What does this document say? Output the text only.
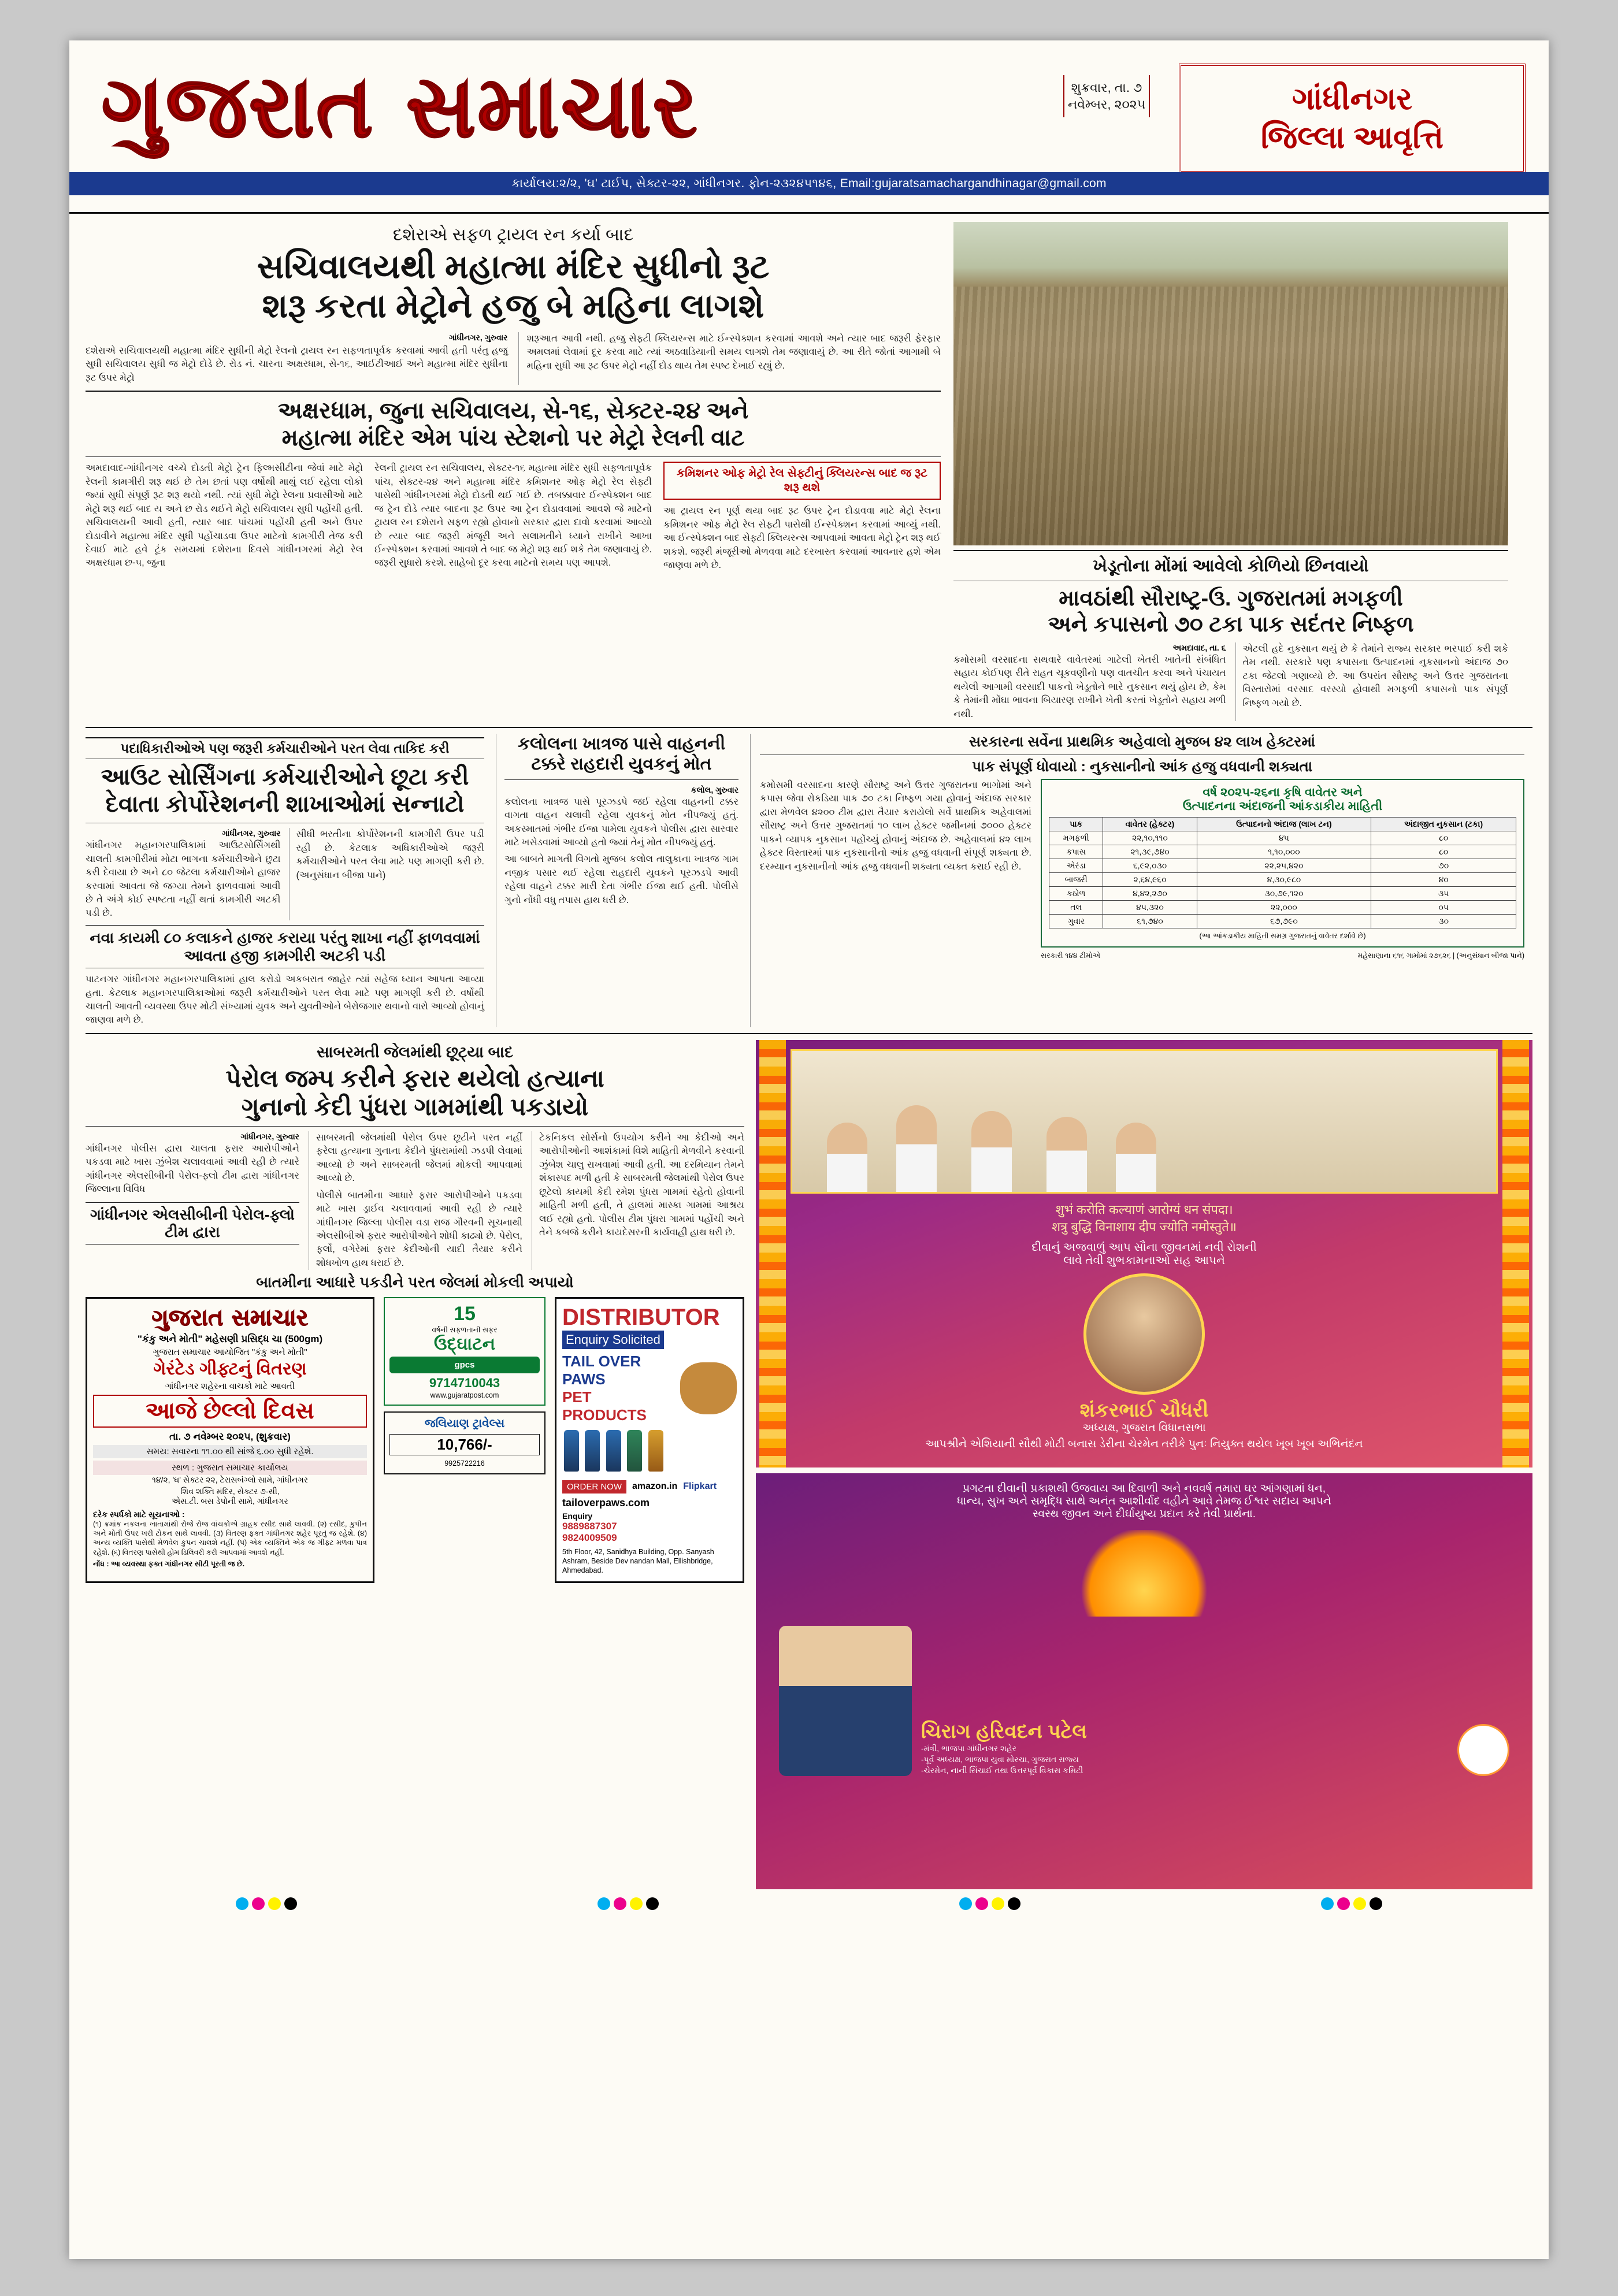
ગુજરાત સમાચાર	શુક્રવાર, તા. ૭ નવેમ્બર, ૨૦૨૫	ગાંધીનગર
જિલ્લા આવૃત્તિ
કાર્યાલય:૨/૨, 'ઘ' ટાઈપ, સેક્ટર-૨૨, ગાંધીનગર. ફોન-૨૩૨૪૫૧૪૬, Email:gujaratsamachargandhinagar@gmail.com
દશેરાએ સફળ ટ્રાયલ રન કર્યા બાદ
સચિવાલયથી મહાત્મા મંદિર સુધીનો રૂટ
શરૂ કરતા મેટ્રોને હજુ બે મહિના લાગશે
ગાંધીનગર, ગુરુવાર
દશેરાએ સચિવાલયથી મહાત્મા મંદિર સુધીની મેટ્રો રેલનો ટ્રાયલ રન સફળતાપૂર્વક કરવામાં આવી હતી પરંતુ હજુ સુધી સચિવાલય સુધી જ મેટ્રો દોડે છે. રોડ નં. ચારના અક્ષરધામ, સે-૧૬, આઈટીઆઈ અને મહાત્મા મંદિર સુધીના રૂટ ઉપર મેટ્રો
શરૂઆત આવી નથી. હજુ સેફ્ટી ક્લિયરન્સ માટે ઈન્સ્પેક્શન કરવામાં આવશે અને ત્યાર બાદ જરૂરી ફેરફાર અમલમાં લેવામાં દૂર કરવા માટે ત્યાં અઠવાડિયાની સમય લાગશે તેમ જણાવાયું છે. આ રીતે જોતાં આગામી બે મહિના સુધી આ રૂટ ઉપર મેટ્રો નહીં દોડ થાય તેમ સ્પષ્ટ દેખાઈ રહ્યું છે.
અક્ષરધામ, જુના સચિવાલય, સે-૧૬, સેક્ટર-૨૪ અને
મહાત્મા મંદિર એમ પાંચ સ્ટેશનો પર મેટ્રો રેલની વાટ
અમદાવાદ-ગાંધીનગર વચ્ચે દોડતી મેટ્રો ટ્રેન ફિલ્મસીટીના જેવાં માટે મેટ્રો રેલની કામગીરી શરૂ થઈ છે તેમ છતાં પણ વર્ષોથી માથું લઈ રહેલા લોકો જ્યાં સુધી સંપૂર્ણ રૂટ શરૂ થયો નથી. ત્યાં સુધી મેટ્રો રેલના પ્રવાસીઓ માટે મેટ્રો શરૂ થઈ બાદ ય અને છ રોડ થઈને મેટ્રો સચિવાલય સુધી પહોંચી હતી. સચિવાલયની આવી હતી, ત્યાર બાદ પાંચમાં પહોંચી હતી અને ઉપર દોડાવીને મહાત્મા મંદિર સુધી પહોંચાડવા ઉપર માટેનો કામગીરી તેજ કરી દેવાઈ માટે હવે ટૂંક સમયમાં દશેરાના દિવસે ગાંધીનગરમાં મેટ્રો રેલ અક્ષરધામ છ-૫, જુના
રેલની ટ્રાયલ રન સચિવાલય, સેક્ટર-૧૬ મહાત્મા મંદિર સુધી સફળતાપૂર્વક પાંચ, સેક્ટર-૨૪ અને મહાત્મા મંદિર કમિશનર ઓફ મેટ્રો રેલ સેફ્ટી પાસેથી ગાંધીનગરમાં મેટ્રો દોડતી થઈ ગઈ છે. તબક્કાવાર ઈન્સ્પેક્શન બાદ જ ટ્રેન દોડે ત્યાર બાદના રૂટ ઉપર આ ટ્રેન દોડાવવામાં આવશે જે માટેનો ટ્રાયલ રન દશેરાને સફળ રહ્યો હોવાનો સરકાર દ્વારા દાવો કરવામાં આવ્યો છે ત્યાર બાદ જરૂરી મંજૂરી અને સલામતીને ધ્યાને રાખીને આખા ઈન્સ્પેક્શન કરવામાં આવશે તે બાદ જ મેટ્રો શરૂ થઈ શકે તેમ જણાવાયું છે. જરૂરી સુધારો કરશે. સાહેબો દૂર કરવા માટેનો સમય પણ આપશે.
કમિશનર ઓફ મેટ્રો રેલ સેફ્ટીનું ક્લિયરન્સ બાદ જ રૂટ શરૂ થશે
આ ટ્રાયલ રન પૂર્ણ થયા બાદ રૂટ ઉપર ટ્રેન દોડાવવા માટે મેટ્રો રેલના કમિશનર ઓફ મેટ્રો રેલ સેફ્ટી પાસેથી ઈન્સ્પેક્શન કરવામાં આવ્યું નથી. આ ઈન્સ્પેક્શન બાદ સેફ્ટી ક્લિયરન્સ આપવામાં આવતા મેટ્રો ટ્રેન શરૂ થઈ શકશે. જરૂરી મંજૂરીઓ મેળવવા માટે દરખાસ્ત કરવામાં આવનાર હશે એમ જાણવા મળે છે.	ખેડૂતોના મોંમાં આવેલો કોળિયો છિનવાયો
માવઠાંથી સૌરાષ્ટ્ર-ઉ. ગુજરાતમાં મગફળી
અને કપાસનો ૭૦ ટકા પાક સદંતર નિષ્ફળ
અમદાવાદ, તા. ૬
કમોસમી વરસાદના સથવારે વાવેતરમાં ગાટેલી ખેતરી ખાતેની સંબંધિત સહાય કોઈપણ રીતે રાહત ચૂકવણીનો પણ વાતચીત કરવા અને પંચાયત થયેલી આગામી વરસાદી પાકનો ખેડૂતોને ભારે નુકસાન થયું હોય છે, કેમ કે તેમાંની મોંઘા ભાવના બિયારણ રાખીને ખેતી કરતાં ખેડૂતોને સહાય મળી નથી.
એટલી હદે નુકસાન થયું છે કે તેમાંને રાજ્ય સરકાર ભરપાઈ કરી શકે તેમ નથી. સરકારે પણ કપાસના ઉત્પાદનમાં નુકસાનનો અંદાજ ૭૦ ટકા જેટલો ગણાવ્યો છે. આ ઉપરાંત સૌરાષ્ટ્ર અને ઉત્તર ગુજરાતના વિસ્તારોમાં વરસાદ વરસ્યો હોવાથી મગફળી કપાસનો પાક સંપૂર્ણ નિષ્ફળ ગયો છે.
પદાધિકારીઓએ પણ જરૂરી કર્મચારીઓને પરત લેવા તાકિદ કરી
આઉટ સોર્સિંગના કર્મચારીઓને છૂટા કરી
દેવાતા કોર્પોરેશનની શાખાઓમાં સન્નાટો
ગાંધીનગર, ગુરુવાર
ગાંધીનગર મહાનગરપાલિકામાં આઉટસોર્સિંગથી ચાલતી કામગીરીમાં મોટા ભાગના કર્મચારીઓને છુટા કરી દેવાયા છે અને ૮૦ જેટલા કર્મચારીઓને હાજર કરવામાં આવતા જે જગ્યા તેમને ફાળવવામાં આવી છે તે અંગે કોઈ સ્પષ્ટતા નહીં થતાં કામગીરી અટકી પડી છે.
સીધી ભરતીના કોર્પોરેશનની કામગીરી ઉપર પડી રહી છે. કેટલાક અધિકારીઓએ જરૂરી કર્મચારીઓને પરત લેવા માટે પણ માગણી કરી છે. (અનુસંધાન બીજા પાને)
નવા કાયમી ૮૦ કલાકને હાજર કરાયા પરંતુ શાખા નહીં ફાળવવામાં આવતા હજી કામગીરી અટકી પડી
પાટનગર ગાંધીનગર મહાનગરપાલિકામાં હાલ કરોડો અકબરાત જાહેર ત્યાં સહેજ ધ્યાન આપતા આવ્યા હતા. કેટલાક મહાનગરપાલિકાઓમાં જરૂરી કર્મચારીઓને પરત લેવા માટે પણ માગણી કરી છે. વર્ષોથી ચાલતી આવતી વ્યવસ્થા ઉપર મોટી સંખ્યામાં યુવક અને યુવતીઓને બેરોજગાર થવાનો વારો આવ્યો હોવાનું જાણવા મળે છે.
કલોલના ખાત્રજ પાસે વાહનની
ટક્કરે રાહદારી યુવકનું મોત
કલોલ, ગુરુવાર
કલોલના ખાત્રજ પાસે પૂરઝડપે જઈ રહેલા વાહનની ટક્કર વાગતા વાહન ચલાવી રહેલા યુવકનું મોત નીપજ્યું હતું. અકસ્માતમાં ગંભીર ઈજા પામેલા યુવકને પોલીસ દ્વારા સારવાર માટે ખસેડવામાં આવ્યો હતો જ્યાં તેનું મોત નીપજ્યું હતું.
આ બાબતે માગતી વિગતો મુજબ કલોલ તાલુકાના ખાત્રજ ગામ નજીક પસાર થઈ રહેલા રાહદારી યુવકને પૂરઝડપે આવી રહેલા વાહને ટક્કર મારી દેતા ગંભીર ઈજા થઈ હતી. પોલીસે ગુનો નોંધી વધુ તપાસ હાથ ધરી છે.
સરકારના સર્વેના પ્રાથમિક અહેવાલો મુજબ ૪૨ લાખ હેક્ટરમાં
પાક સંપૂર્ણ ધોવાયો : નુકસાનીનો આંક હજુ વધવાની શક્યતા
કમોસમી વરસાદના કારણે સૌરાષ્ટ્ર અને ઉત્તર ગુજરાતના ભાગોમાં અને કપાસ જેવા રોકડિયા પાક ૭૦ ટકા નિષ્ફળ ગયા હોવાનું અંદાજ સરકાર દ્વારા મેળવેલ ૪૨૦૦ ટીમ દ્વારા તૈયાર કરાયેલો સર્વે પ્રાથમિક અહેવાલમાં સૌરાષ્ટ્ર અને ઉત્તર ગુજરાતમાં ૧૦ લાખ હેક્ટર જમીનમાં ૭૦૦૦ હેક્ટર પાકને વ્યાપક નુકસાન પહોંચ્યું હોવાનું અંદાજ છે. અહેવાલમાં ૪૨ લાખ હેક્ટર વિસ્તારમાં પાક નુકસાનીનો આંક હજુ વધવાની સંપૂર્ણ શક્યતા છે. દરમ્યાન નુકસાનીનો આંક હજુ વધવાની શક્યતા વ્યક્ત કરાઈ રહી છે.
વર્ષ ૨૦૨૫-૨૬ના કૃષિ વાવેતર અને
ઉત્પાદનના અંદાજની આંકડાકીય માહિતી
પાક	વાવેતર (હેક્ટર)	ઉત્પાદનનો અંદાજ (લાખ ટન)	અંદાજીત નુકસાન (ટકા)
મગફળી	૨૨,૧૦,૧૧૦	૪૫	૮૦
કપાસ	૨૧,૩૯,૭૪૦	૧,૧૦,૦૦૦	૮૦
એરંડા	૬,૯૨,૦૩૦	૨૨,૨૫,૪૨૦	૭૦
બાજરી	૨,૬૪,૯૬૦	૪,૩૦,૯૮૦	૪૦
કઠોળ	૪,૪૨,૨૭૦	૩૦,૭૯,૧૨૦	૩૫
તલ	૪૫,૩૨૦	૨૨,૦૦૦	૦૫
ગુવાર	૬૧,૭૪૦	૬૭,૭૯૦	૩૦
(આ આંકડાકીય માહિતી સમગ્ર ગુજરાતનું વાવેતર દર્શાવે છે)
સરકારી ૧૪૪ ટીમોએ	મહેસાણાના ૬૧૬ ગામોમાં ૨૭૬૨૬ | (અનુસંધાન બીજા પાને)
સાબરમતી જેલમાંથી છૂટ્યા બાદ
પેરોલ જમ્પ કરીને ફરાર થયેલો હત્યાના
ગુનાનો કેદી પુંધરા ગામમાંથી પકડાયો
ગાંધીનગર, ગુરુવાર
ગાંધીનગર પોલીસ દ્વારા ચાલતા ફરાર આરોપીઓને પકડવા માટે ખાસ ઝુંબેશ ચલાવવામાં આવી રહી છે ત્યારે ગાંધીનગર એલસીબીની પેરોલ-ફ્લો ટીમ દ્વારા ગાંધીનગર જિલ્લાના વિવિધ
ગાંધીનગર એલસીબીની પેરોલ-ફ્લો ટીમ દ્વારા
સાબરમતી જેલમાંથી પેરોલ ઉપર છૂટીને પરત નહીં ફરેલા હત્યાના ગુનાના કેદીને પુંધરામાંથી ઝડપી લેવામાં આવ્યો છે અને સાબરમતી જેલમાં મોકલી આપવામાં આવ્યો છે.
પોલીસે બાતમીના આધારે ફરાર આરોપીઓને પકડવા માટે ખાસ ડ્રાઈવ ચલાવવામાં આવી રહી છે ત્યારે ગાંધીનગર જિલ્લા પોલીસ વડા રાજ ગૌરવની સૂચનાથી એલસીબીએ ફરાર આરોપીઓને શોધી કાઢ્યો છે. પેરોલ, ફર્લો, વગેરેમાં ફરાર કેદીઓની યાદી તૈયાર કરીને શોધખોળ હાથ ધરાઈ છે.
ટેકનિકલ સોર્સનો ઉપયોગ કરીને આ કેદીઓ અને આરોપીઓની આશંકામાં વિશે માહિતી મેળવીને કરવાની ઝુંબેશ ચાલુ રાખવામાં આવી હતી. આ દરમિયાન તેમને શંકાસ્પદ મળી હતી કે સાબરમતી જેલમાંથી પેરોલ ઉપર છૂટેલો કાયમી કેદી રમેશ પુંધરા ગામમાં રહેતો હોવાની માહિતી મળી હતી, તે હાલમાં માસ્કા ગામમાં આશ્રય લઈ રહ્યો હતો. પોલીસ ટીમ પુંધરા ગામમાં પહોંચી અને તેને કબજે કરીને કાયદેસરની કાર્યવાહી હાથ ધરી છે.
બાતમીના આધારે પકડીને પરત જેલમાં મોકલી અપાયો
ગુજરાત સમાચાર
"કંકુ અને મોતી" મહેસણી પ્રસિદ્ધ ચા (500gm)
ગુજરાત સમાચાર આયોજિત "કંકુ અને મોતી"
ગેરંટેડ ગીફ્ટનું વિતરણ
ગાંધીનગર શહેરના વાચકો માટે આવતી
આજે છેલ્લો દિવસ
તા. ૭ નવેમ્બર ૨૦૨૫, (શુક્રવાર)
સમય: સવારના ૧૧.૦૦ થી સાંજે ૬.૦૦ સુધી રહેશે.
સ્થળ : ગુજરાત સમાચાર કાર્યાલય
૧૪/૨, 'ઘ' સેક્ટર ૨૨, ટેરાસબંગ્લો સામે, ગાંધીનગર
શિવ શક્તિ મંદિર, સેક્ટર ૭-સી,
એસ.ટી. બસ ડેપોની સામે, ગાંધીનગર
દરેક સ્પર્ધકો માટે સૂચનાઓ :
(૧) ક્રમાંક નકલના ખાતામાંથી રોજે રોજ વાંચકોએ ગ્રાહક રસીદ સાથે લાવવી. (૨) રસીદ, કુપીન અને મોતી ઉપર ખરી ટોકન સાથે લાવવી. (૩) વિતરણ ફક્ત ગાંધીનગર શહેર પૂરતું જ રહેશે. (૪) અન્ય વ્યક્તિ પાસેથી મેળવેલ કુપન ચાલશે નહીં. (૫) એક વ્યક્તિને એક જ ગીફ્ટ મળવા પાત્ર રહેશે. (૬) વિતરણ પાસેથી હોમ ડિલિવરી કરી આપવામાં આવશે નહીં.
નોંધ : આ વ્યવસ્થા ફક્ત ગાંધીનગર સીટી પૂરતી જ છે.
15
વર્ષની સફળતાની સફર
ઉદ્ઘાટન
gpcs
9714710043
www.gujaratpost.com
જલિયાણ ટ્રાવેલ્સ
10,766/-
9925722216
DISTRIBUTOR
Enquiry Solicited
TAIL OVER PAWS
PET PRODUCTS

ORDER NOW	amazon.in Flipkart
tailoverpaws.com
Enquiry
9889887307
9824009509
5th Floor, 42, Sanidhya Building, Opp. Sanyash Ashram, Beside Dev nandan Mall, Ellishbridge, Ahmedabad.
शुभं करोति कल्याणं आरोग्यं धन संपदा।
शत्रु बुद्धि विनाशाय दीप ज्योति नमोस्तुते॥
દીવાનું અજવાળું આપ સૌના જીવનમાં નવી રોશની
લાવે તેવી શુભકામનાઓ સહ આપને
શંકરભાઈ ચૌધરી
અધ્યક્ષ, ગુજરાત વિધાનસભા
આપશ્રીને એશિયાની સૌથી મોટી બનાસ ડેરીના ચેરમેન તરીકે પુનઃ નિયુક્ત થયેલ ખૂબ ખૂબ અભિનંદન
પ્રગટતા દીવાની પ્રકાશથી ઉજવાય આ દિવાળી અને નવવર્ષ તમારા ઘર આંગણામાં ધન,
ધાન્ય, સુખ અને સમૃદ્ધિ સાથે અનંત આશીર્વાદ વહીને આવે તેમજ ઈશ્વર સદાય આપને
સ્વસ્થ જીવન અને દીર્ઘાયુષ્ય પ્રદાન કરે તેવી પ્રાર્થના.
ચિરાગ હરિવદન પટેલ
-મંત્રી, ભાજપા ગાંધીનગર શહેર
-પૂર્વ અધ્યક્ષ, ભાજપા યુવા મોરચા, ગુજરાત રાજ્ય
-ચેરમેન, નાની સિંચાઈ તથા ઉત્તરપૂર્વ વિકાસ કમિટી
